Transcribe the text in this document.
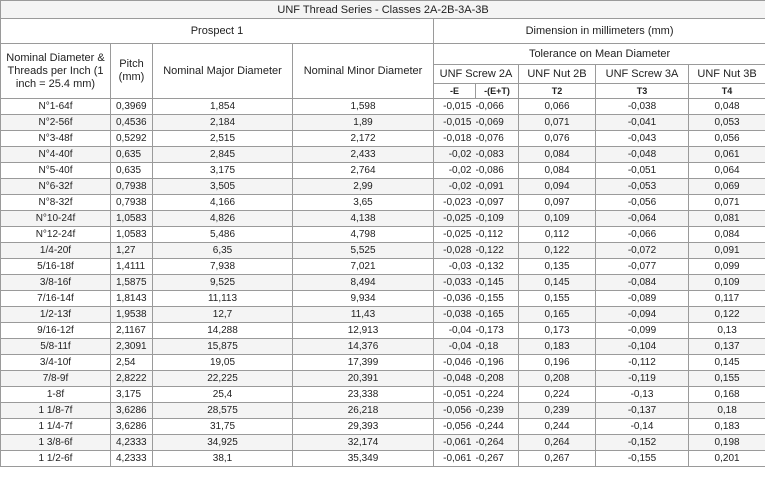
UNF Thread Series - Classes 2A-2B-3A-3B								
Prospect 1				Dimension in millimeters (mm)				
Nominal Diameter & Threads per Inch (1 inch = 25.4 mm)	Pitch (mm)	Nominal Major Diameter	Nominal Minor Diameter	Tolerance on Mean Diameter				
				UNF Screw 2A		UNF Nut 2B	UNF Screw 3A	UNF Nut 3B
				-E	-(E+T)	T2	T3	T4
N°1-64f	0,3969	1,854	1,598	-0,015	-0,066	0,066	-0,038	0,048
N°2-56f	0,4536	2,184	1,89	-0,015	-0,069	0,071	-0,041	0,053
N°3-48f	0,5292	2,515	2,172	-0,018	-0,076	0,076	-0,043	0,056
N°4-40f	0,635	2,845	2,433	-0,02	-0,083	0,084	-0,048	0,061
N°5-40f	0,635	3,175	2,764	-0,02	-0,086	0,084	-0,051	0,064
N°6-32f	0,7938	3,505	2,99	-0,02	-0,091	0,094	-0,053	0,069
N°8-32f	0,7938	4,166	3,65	-0,023	-0,097	0,097	-0,056	0,071
N°10-24f	1,0583	4,826	4,138	-0,025	-0,109	0,109	-0,064	0,081
N°12-24f	1,0583	5,486	4,798	-0,025	-0,112	0,112	-0,066	0,084
1/4-20f	1,27	6,35	5,525	-0,028	-0,122	0,122	-0,072	0,091
5/16-18f	1,4111	7,938	7,021	-0,03	-0,132	0,135	-0,077	0,099
3/8-16f	1,5875	9,525	8,494	-0,033	-0,145	0,145	-0,084	0,109
7/16-14f	1,8143	11,113	9,934	-0,036	-0,155	0,155	-0,089	0,117
1/2-13f	1,9538	12,7	11,43	-0,038	-0,165	0,165	-0,094	0,122
9/16-12f	2,1167	14,288	12,913	-0,04	-0,173	0,173	-0,099	0,13
5/8-11f	2,3091	15,875	14,376	-0,04	-0,18	0,183	-0,104	0,137
3/4-10f	2,54	19,05	17,399	-0,046	-0,196	0,196	-0,112	0,145
7/8-9f	2,8222	22,225	20,391	-0,048	-0,208	0,208	-0,119	0,155
1-8f	3,175	25,4	23,338	-0,051	-0,224	0,224	-0,13	0,168
1 1/8-7f	3,6286	28,575	26,218	-0,056	-0,239	0,239	-0,137	0,18
1 1/4-7f	3,6286	31,75	29,393	-0,056	-0,244	0,244	-0,14	0,183
1 3/8-6f	4,2333	34,925	32,174	-0,061	-0,264	0,264	-0,152	0,198
1 1/2-6f	4,2333	38,1	35,349	-0,061	-0,267	0,267	-0,155	0,201
